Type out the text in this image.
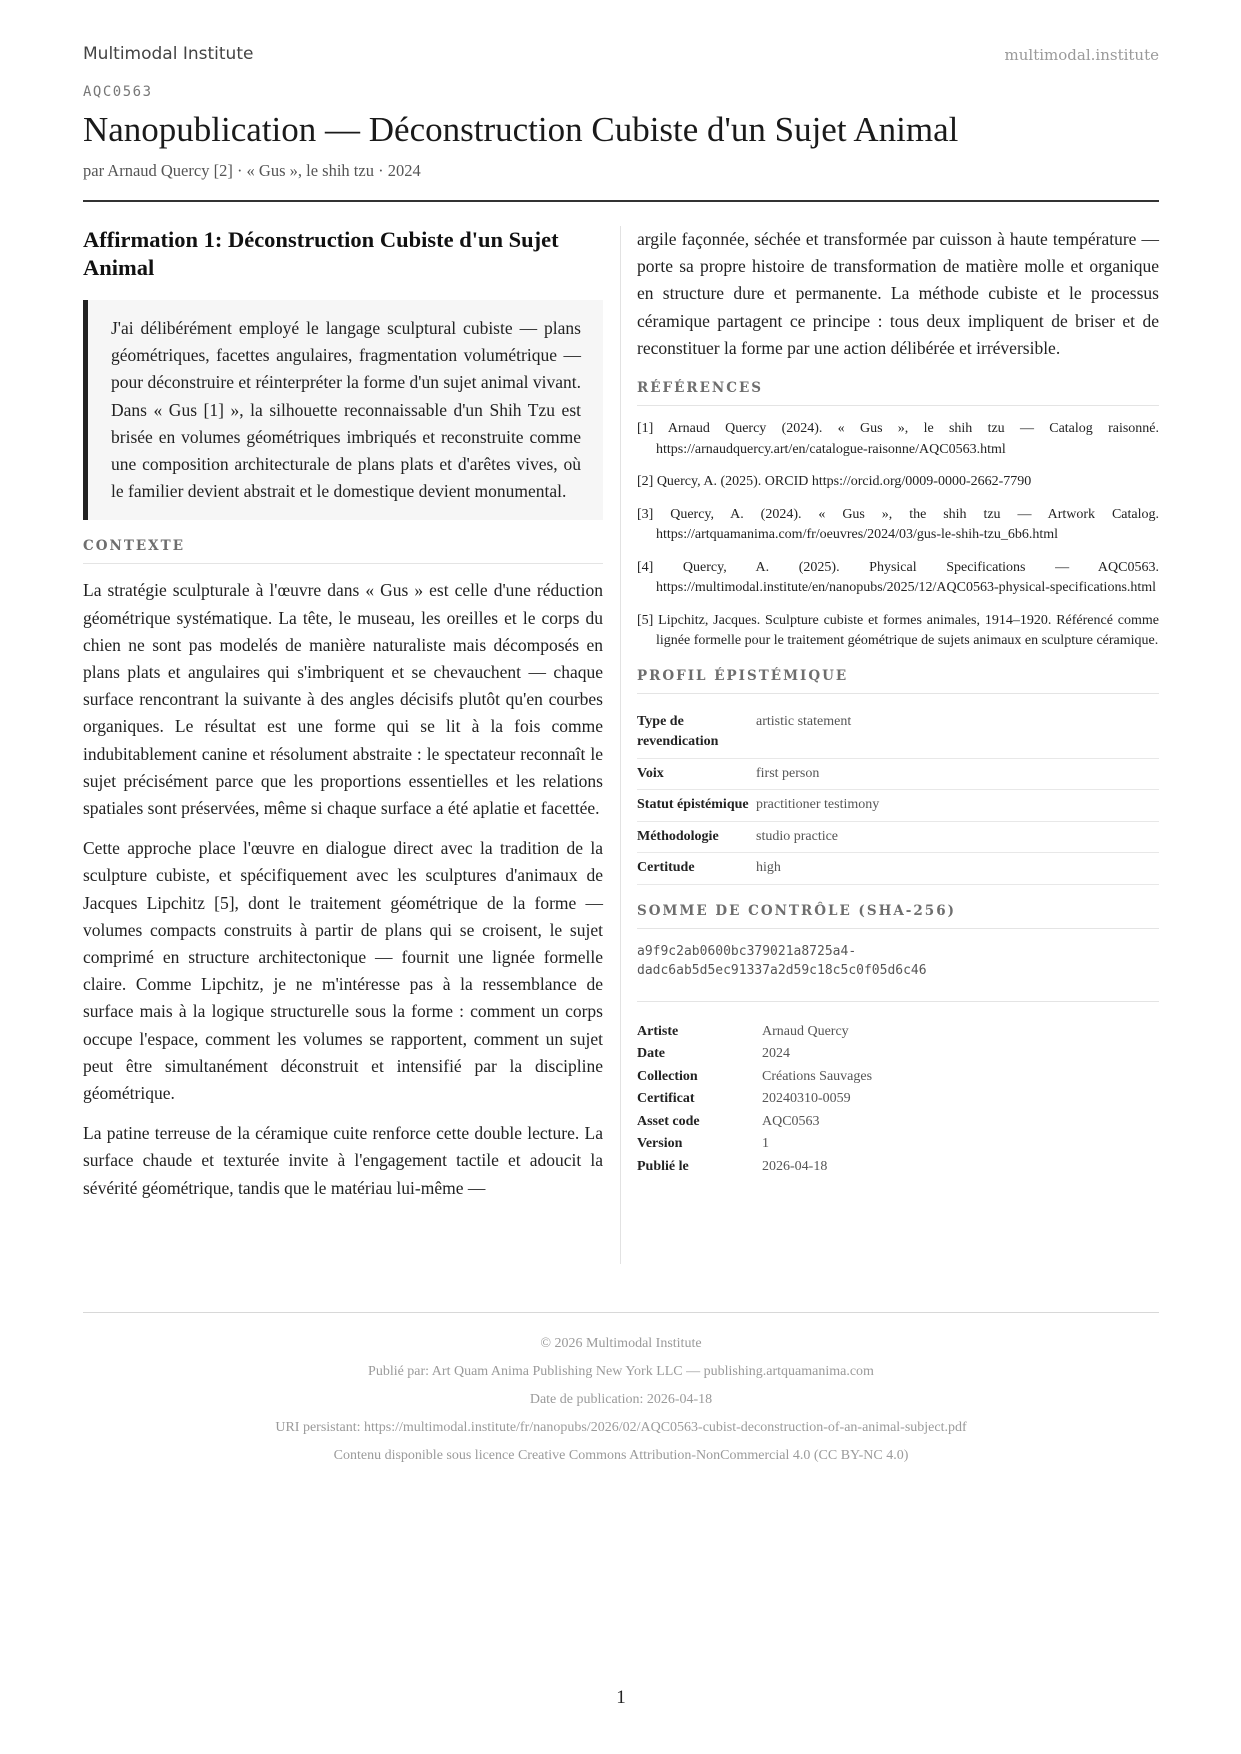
Multimodal Institute	multimodal.institute
AQC0563
Nanopublication — Déconstruction Cubiste d'un Sujet Animal
par Arnaud Quercy [2] · « Gus », le shih tzu · 2024
Affirmation 1: Déconstruction Cubiste d'un Sujet Animal
J'ai délibérément employé le langage sculptural cubiste — plans géométriques, facettes angulaires, fragmentation volumétrique — pour déconstruire et réinterpréter la forme d'un sujet animal vivant. Dans « Gus [1] », la silhouette reconnaissable d'un Shih Tzu est brisée en volumes géométriques imbriqués et reconstruite comme une composition architecturale de plans plats et d'arêtes vives, où le familier devient abstrait et le domestique devient monumental.
CONTEXTE

La stratégie sculpturale à l'œuvre dans « Gus » est celle d'une réduction géométrique systématique. La tête, le museau, les oreilles et le corps du chien ne sont pas modelés de manière naturaliste mais décomposés en plans plats et angulaires qui s'imbriquent et se chevauchent — chaque surface rencontrant la suivante à des angles décisifs plutôt qu'en courbes organiques. Le résultat est une forme qui se lit à la fois comme indubitablement canine et résolument abstraite : le spectateur reconnaît le sujet précisément parce que les proportions essentielles et les relations spatiales sont préservées, même si chaque surface a été aplatie et facettée.

Cette approche place l'œuvre en dialogue direct avec la tradition de la sculpture cubiste, et spécifiquement avec les sculptures d'animaux de Jacques Lipchitz [5], dont le traitement géométrique de la forme — volumes compacts construits à partir de plans qui se croisent, le sujet comprimé en structure architectonique — fournit une lignée formelle claire. Comme Lipchitz, je ne m'intéresse pas à la ressemblance de surface mais à la logique structurelle sous la forme : comment un corps occupe l'espace, comment les volumes se rapportent, comment un sujet peut être simultanément déconstruit et intensifié par la discipline géométrique.

La patine terreuse de la céramique cuite renforce cette double lecture. La surface chaude et texturée invite à l'engagement tactile et adoucit la sévérité géométrique, tandis que le matériau lui-même —

argile façonnée, séchée et transformée par cuisson à haute température — porte sa propre histoire de transformation de matière molle et organique en structure dure et permanente. La méthode cubiste et le processus céramique partagent ce principe : tous deux impliquent de briser et de reconstituer la forme par une action délibérée et irréversible.

RÉFÉRENCES
[1] Arnaud Quercy (2024). « Gus », le shih tzu — Catalog raisonné. https://arnaudquercy.art/en/catalogue-raisonne/AQC0563.html
[2] Quercy, A. (2025). ORCID https://orcid.org/0009-0000-2662-7790
[3] Quercy, A. (2024). « Gus », the shih tzu — Artwork Catalog. https://artquamanima.com/fr/oeuvres/2024/03/gus-le-shih-tzu_6b6.html
[4] Quercy, A. (2025). Physical Specifications — AQC0563. https://multimodal.institute/en/nanopubs/2025/12/AQC0563-physical-specifications.html
[5] Lipchitz, Jacques. Sculpture cubiste et formes animales, 1914–1920. Référencé comme lignée formelle pour le traitement géométrique de sujets animaux en sculpture céramique.
PROFIL ÉPISTÉMIQUE
Type de revendication	artistic statement
Voix	first person
Statut épistémique	practitioner testimony
Méthodologie	studio practice
Certitude	high
SOMME DE CONTRÔLE (SHA-256)
a9f9c2ab0600bc379021a8725a4-
dadc6ab5d5ec91337a2d59c18c5c0f05d6c46
Artiste	Arnaud Quercy
Date	2024
Collection	Créations Sauvages
Certificat	20240310-0059
Asset code	AQC0563
Version	1
Publié le	2026-04-18
© 2026 Multimodal Institute
Publié par: Art Quam Anima Publishing New York LLC — publishing.artquamanima.com
Date de publication: 2026-04-18
URI persistant: https://multimodal.institute/fr/nanopubs/2026/02/AQC0563-cubist-deconstruction-of-an-animal-subject.pdf
Contenu disponible sous licence Creative Commons Attribution-NonCommercial 4.0 (CC BY-NC 4.0)
1
